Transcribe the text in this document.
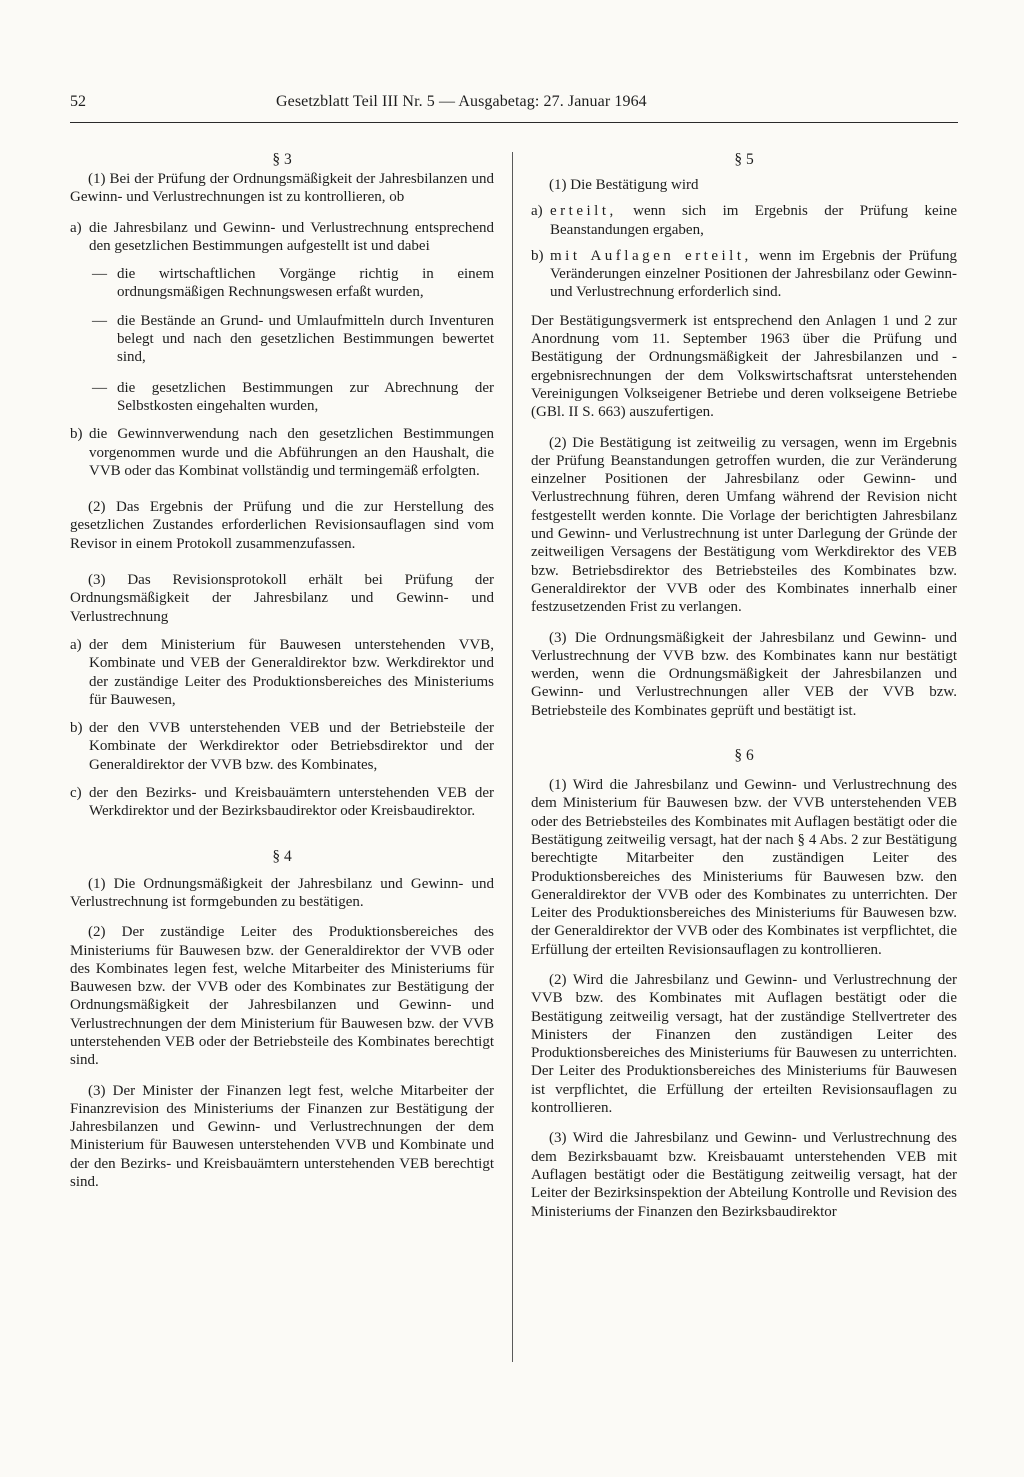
52	Gesetzblatt Teil III Nr. 5 — Ausgabetag: 27. Januar 1964
§ 3

(1) Bei der Prüfung der Ordnungsmäßigkeit der Jahresbilanzen und Gewinn- und Verlustrechnungen ist zu kontrollieren, ob

a) die Jahresbilanz und Gewinn- und Verlustrechnung entsprechend den gesetzlichen Bestimmungen aufgestellt ist und dabei
— die wirtschaftlichen Vorgänge richtig in einem ordnungsmäßigen Rechnungswesen erfaßt wurden,
— die Bestände an Grund- und Umlaufmitteln durch Inventuren belegt und nach den gesetzlichen Bestimmungen bewertet sind,
— die gesetzlichen Bestimmungen zur Abrechnung der Selbstkosten eingehalten wurden,
b) die Gewinnverwendung nach den gesetzlichen Bestimmungen vorgenommen wurde und die Abführungen an den Haushalt, die VVB oder das Kombinat vollständig und termingemäß erfolgten.

(2) Das Ergebnis der Prüfung und die zur Herstellung des gesetzlichen Zustandes erforderlichen Revisionsauflagen sind vom Revisor in einem Protokoll zusammenzufassen.

(3) Das Revisionsprotokoll erhält bei Prüfung der Ordnungsmäßigkeit der Jahresbilanz und Gewinn- und Verlustrechnung

a) der dem Ministerium für Bauwesen unterstehenden VVB, Kombinate und VEB der Generaldirektor bzw. Werkdirektor und der zuständige Leiter des Produktionsbereiches des Ministeriums für Bauwesen,
b) der den VVB unterstehenden VEB und der Betriebsteile der Kombinate der Werkdirektor oder Betriebsdirektor und der Generaldirektor der VVB bzw. des Kombinates,
c) der den Bezirks- und Kreisbauämtern unterstehenden VEB der Werkdirektor und der Bezirksbaudirektor oder Kreisbaudirektor.
§ 4

(1) Die Ordnungsmäßigkeit der Jahresbilanz und Gewinn- und Verlustrechnung ist formgebunden zu bestätigen.

(2) Der zuständige Leiter des Produktionsbereiches des Ministeriums für Bauwesen bzw. der Generaldirektor der VVB oder des Kombinates legen fest, welche Mitarbeiter des Ministeriums für Bauwesen bzw. der VVB oder des Kombinates zur Bestätigung der Ordnungsmäßigkeit der Jahresbilanzen und Gewinn- und Verlustrechnungen der dem Ministerium für Bauwesen bzw. der VVB unterstehenden VEB oder der Betriebsteile des Kombinates berechtigt sind.

(3) Der Minister der Finanzen legt fest, welche Mitarbeiter der Finanzrevision des Ministeriums der Finanzen zur Bestätigung der Jahresbilanzen und Gewinn- und Verlustrechnungen der dem Ministerium für Bauwesen unterstehenden VVB und Kombinate und der den Bezirks- und Kreisbauämtern unterstehenden VEB berechtigt sind.

§ 5

(1) Die Bestätigung wird

a) erteilt, wenn sich im Ergebnis der Prüfung keine Beanstandungen ergaben,
b) mit Auflagen erteilt, wenn im Ergebnis der Prüfung Veränderungen einzelner Positionen der Jahresbilanz oder Gewinn- und Verlustrechnung erforderlich sind.

Der Bestätigungsvermerk ist entsprechend den Anlagen 1 und 2 zur Anordnung vom 11. September 1963 über die Prüfung und Bestätigung der Ordnungsmäßigkeit der Jahresbilanzen und -ergebnisrechnungen der dem Volkswirtschaftsrat unterstehenden Vereinigungen Volkseigener Betriebe und deren volkseigene Betriebe (GBl. II S. 663) auszufertigen.

(2) Die Bestätigung ist zeitweilig zu versagen, wenn im Ergebnis der Prüfung Beanstandungen getroffen wurden, die zur Veränderung einzelner Positionen der Jahresbilanz oder Gewinn- und Verlustrechnung führen, deren Umfang während der Revision nicht festgestellt werden konnte. Die Vorlage der berichtigten Jahresbilanz und Gewinn- und Verlustrechnung ist unter Darlegung der Gründe der zeitweiligen Versagens der Bestätigung vom Werkdirektor des VEB bzw. Betriebsdirektor des Betriebsteiles des Kombinates bzw. Generaldirektor der VVB oder des Kombinates innerhalb einer festzusetzenden Frist zu verlangen.

(3) Die Ordnungsmäßigkeit der Jahresbilanz und Gewinn- und Verlustrechnung der VVB bzw. des Kombinates kann nur bestätigt werden, wenn die Ordnungsmäßigkeit der Jahresbilanzen und Gewinn- und Verlustrechnungen aller VEB der VVB bzw. Betriebsteile des Kombinates geprüft und bestätigt ist.

§ 6

(1) Wird die Jahresbilanz und Gewinn- und Verlustrechnung des dem Ministerium für Bauwesen bzw. der VVB unterstehenden VEB oder des Betriebsteiles des Kombinates mit Auflagen bestätigt oder die Bestätigung zeitweilig versagt, hat der nach § 4 Abs. 2 zur Bestätigung berechtigte Mitarbeiter den zuständigen Leiter des Produktionsbereiches des Ministeriums für Bauwesen bzw. den Generaldirektor der VVB oder des Kombinates zu unterrichten. Der Leiter des Produktionsbereiches des Ministeriums für Bauwesen bzw. der Generaldirektor der VVB oder des Kombinates ist verpflichtet, die Erfüllung der erteilten Revisionsauflagen zu kontrollieren.

(2) Wird die Jahresbilanz und Gewinn- und Verlustrechnung der VVB bzw. des Kombinates mit Auflagen bestätigt oder die Bestätigung zeitweilig versagt, hat der zuständige Stellvertreter des Ministers der Finanzen den zuständigen Leiter des Produktionsbereiches des Ministeriums für Bauwesen zu unterrichten. Der Leiter des Produktionsbereiches des Ministeriums für Bauwesen ist verpflichtet, die Erfüllung der erteilten Revisionsauflagen zu kontrollieren.

(3) Wird die Jahresbilanz und Gewinn- und Verlustrechnung des dem Bezirksbauamt bzw. Kreisbauamt unterstehenden VEB mit Auflagen bestätigt oder die Bestätigung zeitweilig versagt, hat der Leiter der Bezirksinspektion der Abteilung Kontrolle und Revision des Ministeriums der Finanzen den Bezirksbaudirektor
